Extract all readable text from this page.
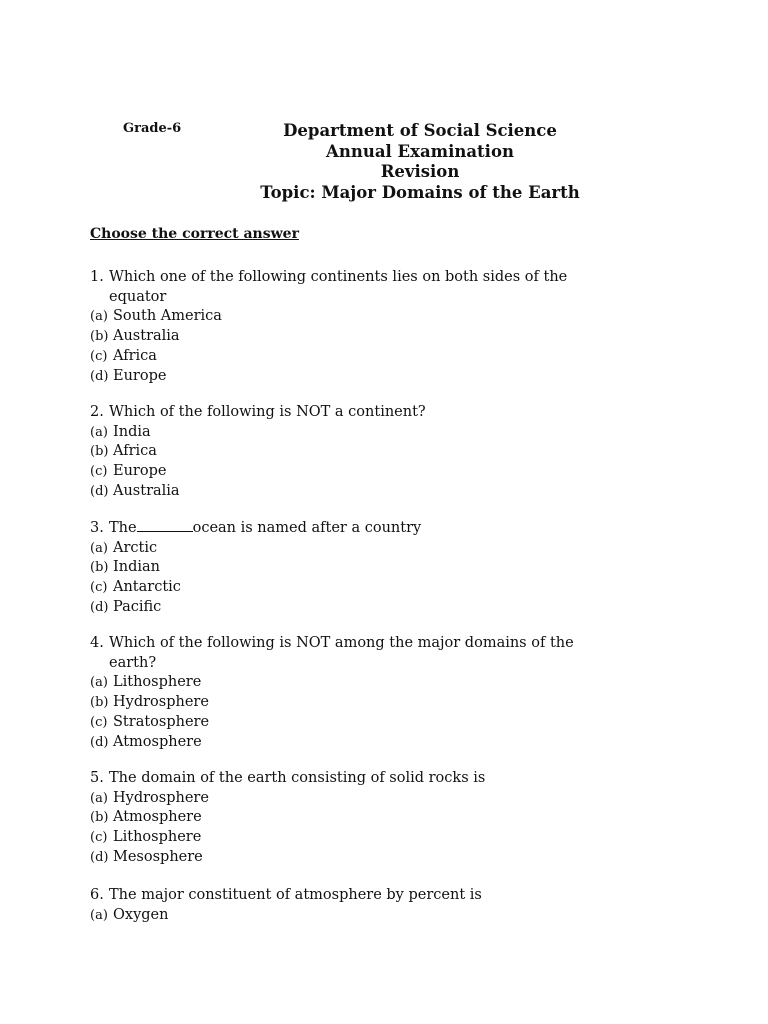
Grade-6	Department of Social Science
Annual Examination
Revision
Topic: Major Domains of the Earth
Choose the correct answer
1. Which one of the following continents lies on both sides of the
equator
(a) South America
(b) Australia
(c) Africa
(d) Europe
2. Which of the following is NOT a continent?
(a) India
(b) Africa
(c) Europe
(d) Australia
3. The	ocean is named after a country
(a) Arctic
(b) Indian
(c) Antarctic
(d) Pacific
4. Which of the following is NOT among the major domains of the
earth?
(a) Lithosphere
(b) Hydrosphere
(c) Stratosphere
(d) Atmosphere
5. The domain of the earth consisting of solid rocks is
(a) Hydrosphere
(b) Atmosphere
(c) Lithosphere
(d) Mesosphere
6. The major constituent of atmosphere by percent is
(a) Oxygen
